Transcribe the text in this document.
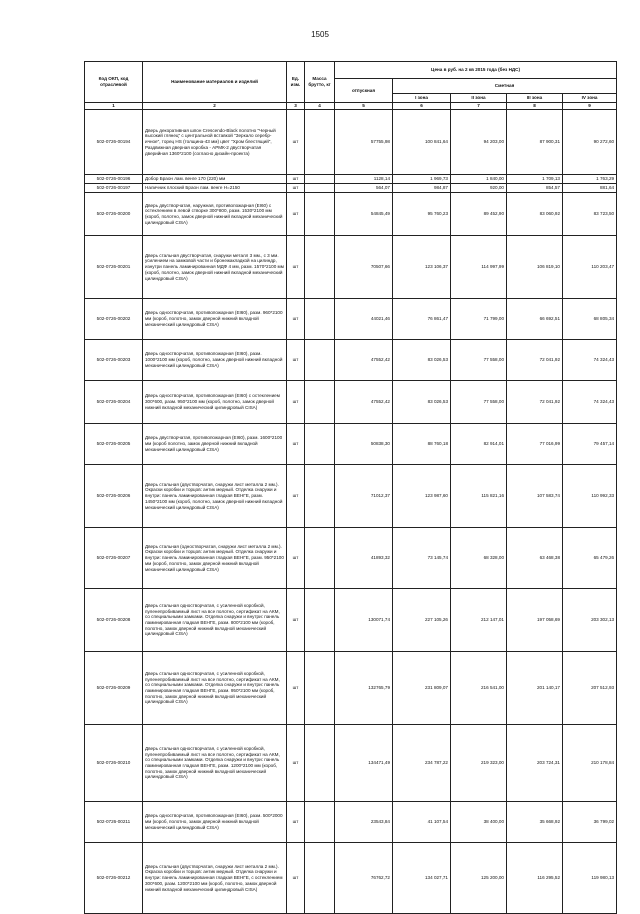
1505
Код ОКП, код отраслевой	Наименование материалов и изделий	Ед. изм.	Масса брутто, кг	Цена в руб. на 2 кв 2015 года (без НДС)				
				отпускная	Сметная			
					I зона	II зона	III зона	IV зона
1	2	3	4	5	6	7	8	9
502-0726-00194	Дверь декоративная шпон Crescendo-Black полотно "Черный высокий глянец" с центральной вставкой "Зеркало серебр-ичное", торец HS (толщина-43 мм) цвет "Хром блестящий", Раздвижная дверная коробка - АРМК-2 двустворчатая дверийная 1360*2100 (согласно дизайн-проекта)	шт		57755,98	100 841,64	94 203,00	87 900,31	90 272,60
502-0726-00196	Добор Браон лам. венге 170 (220) мм	шт		1128,14	1 969,73	1 840,00	1 709,13	1 763,29
502-0726-00197	Наличник плоский Браон лам. венге Н=2150	шт		564,07	984,87	920,00	854,57	881,64
502-0726-00200	Дверь двустворчатая, наружная, противопожарная (EI60) с остеклением в левой створке 300*800, разм. 1530*2100 мм (короб, полотно, замок дверной нижний вкладной механический цилиндровый CISA)	шт		54845,49	95 760,23	89 452,90	83 060,92	83 723,50
502-0726-00201	Дверь стальная двустворчатая, снаружи металл 3 мм., с 3 мм. усилением на замковой части и бронежакладкой на цилиндр, изнутри панель ламинированная МДФ 4 мм, разм. 1570*2100 мм (короб, полотно, замок дверной нижний вкладной механический цилиндровый CISA)	шт		70507,66	123 106,37	114 997,99	106 819,10	110 203,47
502-0726-00202	Дверь одностворчатая, противопожарная (EI60), разм. 960*2100 мм (короб, полотно, замок дверной нижний вкладной механический цилиндровый CISA)	шт		44021,46	76 861,47	71 799,00	66 692,51	68 805,34
502-0726-00203	Дверь одностворчатая, противопожарная (EI60), разм. 1000*2100 мм (короб, полотно, замок дверной нижний вкладной механический цилиндровый CISA)	шт		47552,42	83 026,53	77 558,00	72 041,92	74 324,43
502-0726-00204	Дверь одностворчатая, противопожарная (EI60) с остеклением 300*600, разм. 950*2100 мм (короб, полотно, замок дверной нижний вкладной механический цилиндровый CISA)	шт		47552,42	83 026,53	77 558,00	72 041,92	74 324,43
502-0726-00205	Дверь двустворчатая, противопожарная (EI60), разм. 1600*2100 мм (короб полотно, замок дверной нижний вкладной механический цилиндровый CISA)	шт		50838,30	88 760,18	82 914,01	77 016,99	79 457,14
502-0726-00206	Дверь стальная (двустворчатая, снаружи лист металла 2 мм.). Окраски коробки и торцов: антик медный. Отделка снаружи и внутри: панель ламинированная гладкая ВЕНГЕ, разм. 1450*2100 мм (короб, полотно, замок дверной нижний вкладной механический цилиндровый CISA)	шт		71012,37	123 987,60	115 821,16	107 583,74	110 992,33
502-0726-00207	Дверь стальная (одностворчатая, снаружи лист металла 2 мм.). Окраски коробки и торцов: антик медный. Отделка снаружи и внутри: панель ламинированная гладкая ВЕНГЕ, разм. 950*2100 мм (короб, полотно, замок дверной нижний вкладной механический цилиндровый CISA)	шт		41893,32	73 145,74	68 328,00	63 468,38	65 479,26
502-0726-00208	Дверь стальная одностворчатая, с усиленной коробкой, пуленепробиваемый лист на все полотно, сертификат на АКМ, со специальными замками. Отделка снаружи и внутри: панель ламинированная гладкая ВЕНГЕ, разм. 800*2100 мм (короб, полотно, замок дверной нижний вкладной механический цилиндровый CISA)	шт		130071,74	227 105,26	212 147,01	197 058,69	203 302,13
502-0726-00209	Дверь стальная одностворчатая, с усиленной коробкой, пуленепробиваемый лист на все полотно, сертификат на АКМ, со специальными замками. Отделка снаружи и внутри: панель ламинированная гладкая ВЕНГЕ, разм. 950*2100 мм (короб, полотно, замок дверной нижний вкладной механический цилиндровый CISA)	шт		132765,79	231 809,07	216 541,00	201 140,17	207 512,93
502-0726-00210	Дверь стальная одностворчатая, с усиленной коробкой, пуленепробиваемый лист на все полотно, сертификат на АКМ, со специальными замками. Отделка снаружи и внутри: панель ламинированная гладкая ВЕНГЕ, разм. 1200*2100 мм (короб, полотно, замок дверной нижний вкладной механический цилиндровый CISA)	шт		134471,49	234 787,22	219 323,00	203 724,31	210 178,84
502-0726-00211	Дверь одностворчатая, противопожарная (EI60), разм. 500*2000 мм (короб, полотно, замок дверной нижний вкладной механический цилиндровый CISA)	шт		23543,84	41 107,54	38 400,00	35 668,92	36 799,02
502-0726-00212	Дверь стальная (двустворчатая, снаружи лист металла 2 мм.). Окраска коробки и торцов: антик медный. Отделка снаружи и внутри: панель ламинированная гладкая ВЕНГЕ, с остеклением 300*600, разм. 1200*2100 мм (короб, полотно, замок дверной нижний вкладной механический цилиндровый CISA)	шт		76762,72	134 027,71	125 200,00	116 295,52	119 980,13
